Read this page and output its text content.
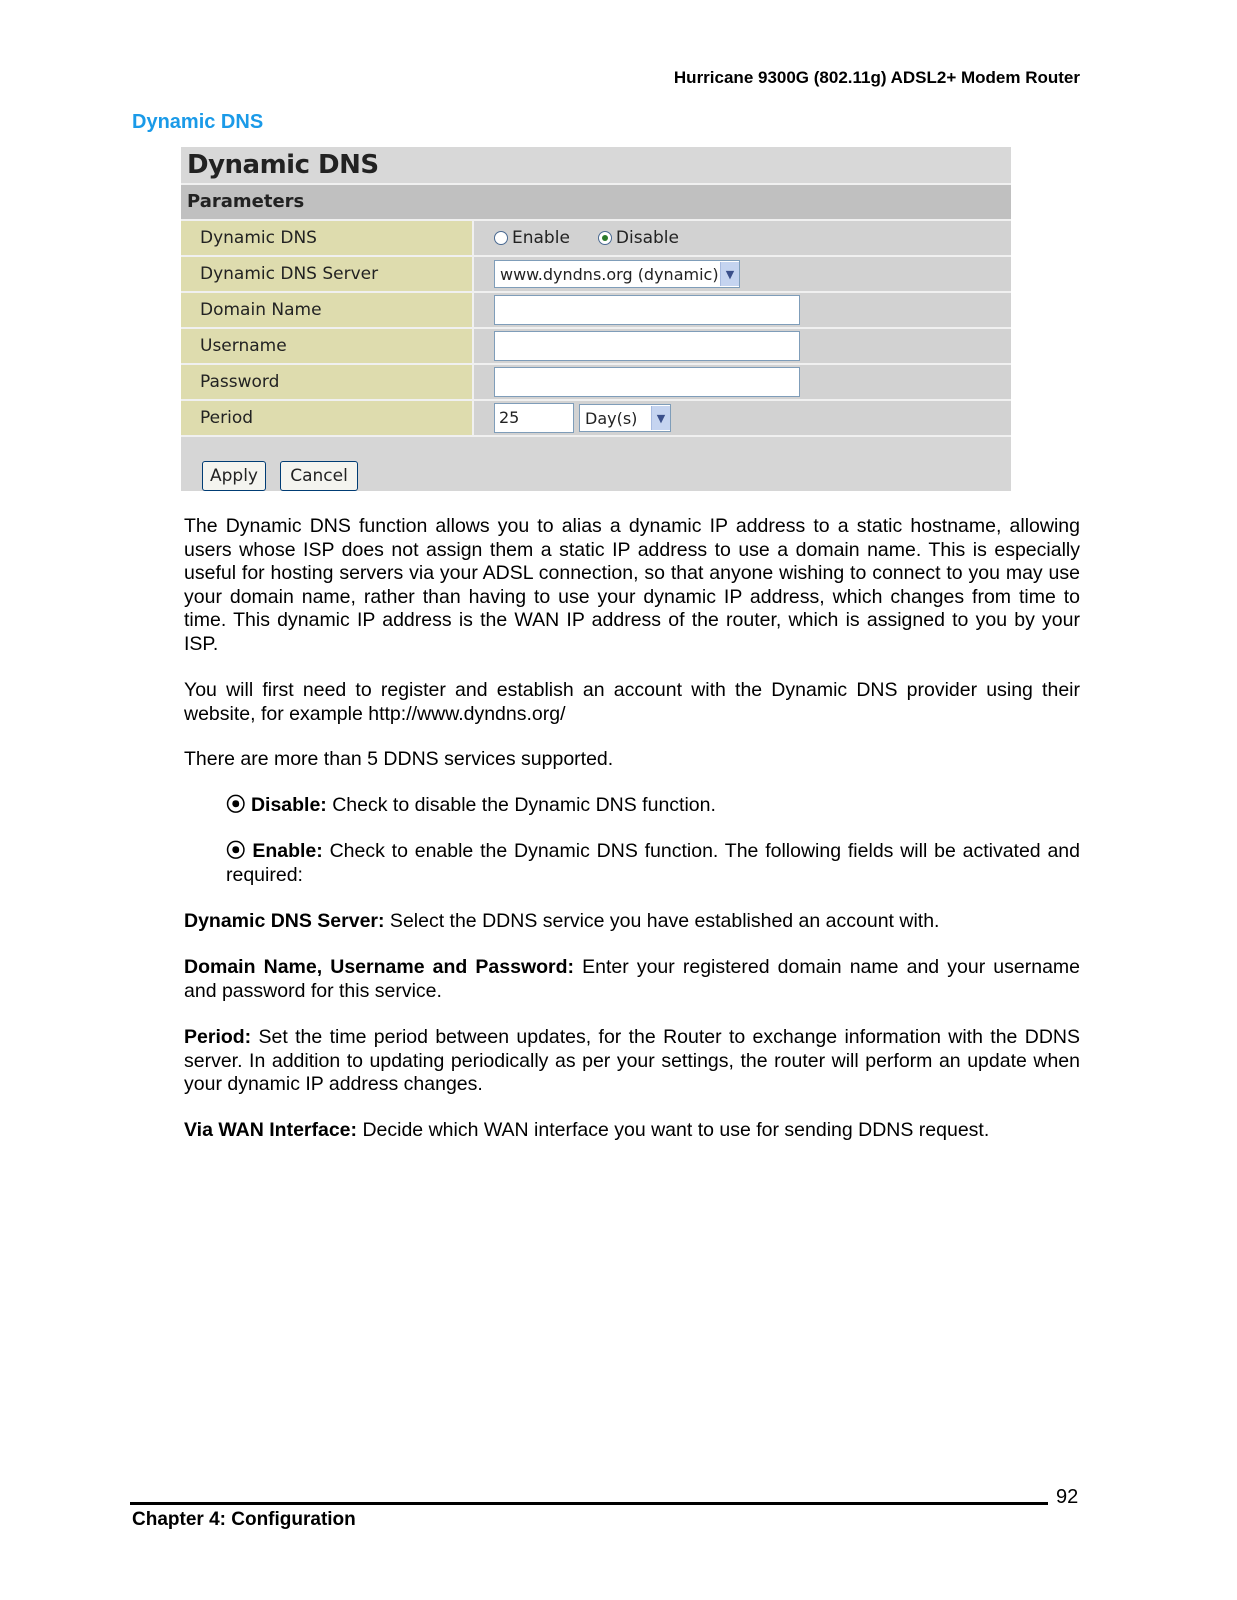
Hurricane 9300G (802.11g) ADSL2+ Modem Router
Dynamic DNS
Dynamic DNS
Parameters
Dynamic DNS	Enable	Disable
Dynamic DNS Server	www.dyndns.org (dynamic) ▼
Domain Name
Username
Password
Period	25	Day(s)	▼
Apply	Cancel

The Dynamic DNS function allows you to alias a dynamic IP address to a static hostname, allowing users whose ISP does not assign them a static IP address to use a domain name. This is especially useful for hosting servers via your ADSL connection, so that anyone wishing to connect to you may use your domain name, rather than having to use your dynamic IP address, which changes from time to time. This dynamic IP address is the WAN IP address of the router, which is assigned to you by your ISP.

You will first need to register and establish an account with the Dynamic DNS provider using their website, for example http://www.dyndns.org/

There are more than 5 DDNS services supported.

⦿ Disable: Check to disable the Dynamic DNS function.

⦿ Enable: Check to enable the Dynamic DNS function. The following fields will be activated and required:

Dynamic DNS Server: Select the DDNS service you have established an account with.

Domain Name, Username and Password: Enter your registered domain name and your username and password for this service.

Period: Set the time period between updates, for the Router to exchange information with the DDNS server. In addition to updating periodically as per your settings, the router will perform an update when your dynamic IP address changes.

Via WAN Interface: Decide which WAN interface you want to use for sending DDNS request.

92
Chapter 4: Configuration
